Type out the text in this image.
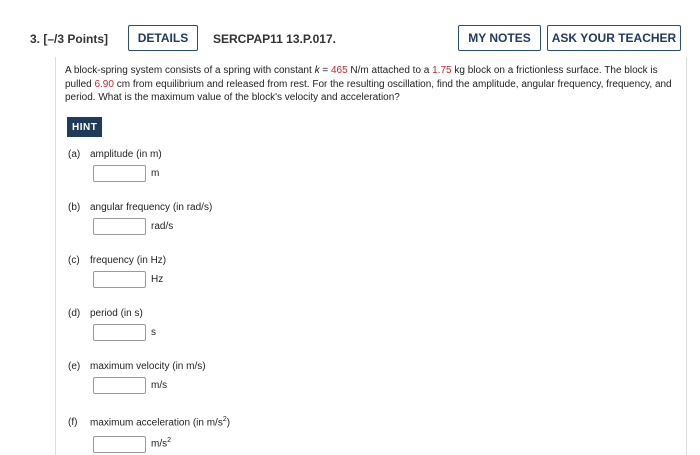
3. [–/3 Points]	DETAILS	SERCPAP11 13.P.017.	MY NOTES	ASK YOUR TEACHER
A block-spring system consists of a spring with constant k = 465 N/m attached to a 1.75 kg block on a frictionless surface. The block is pulled 6.90 cm from equilibrium and released from rest. For the resulting oscillation, find the amplitude, angular frequency, frequency, and period. What is the maximum value of the block's velocity and acceleration?
HINT
(a) amplitude (in m)
m
(b) angular frequency (in rad/s)
rad/s
(c) frequency (in Hz)
Hz
(d) period (in s)
s
(e) maximum velocity (in m/s)
m/s
(f) maximum acceleration (in $m/s^2$)
$m/s^2$
